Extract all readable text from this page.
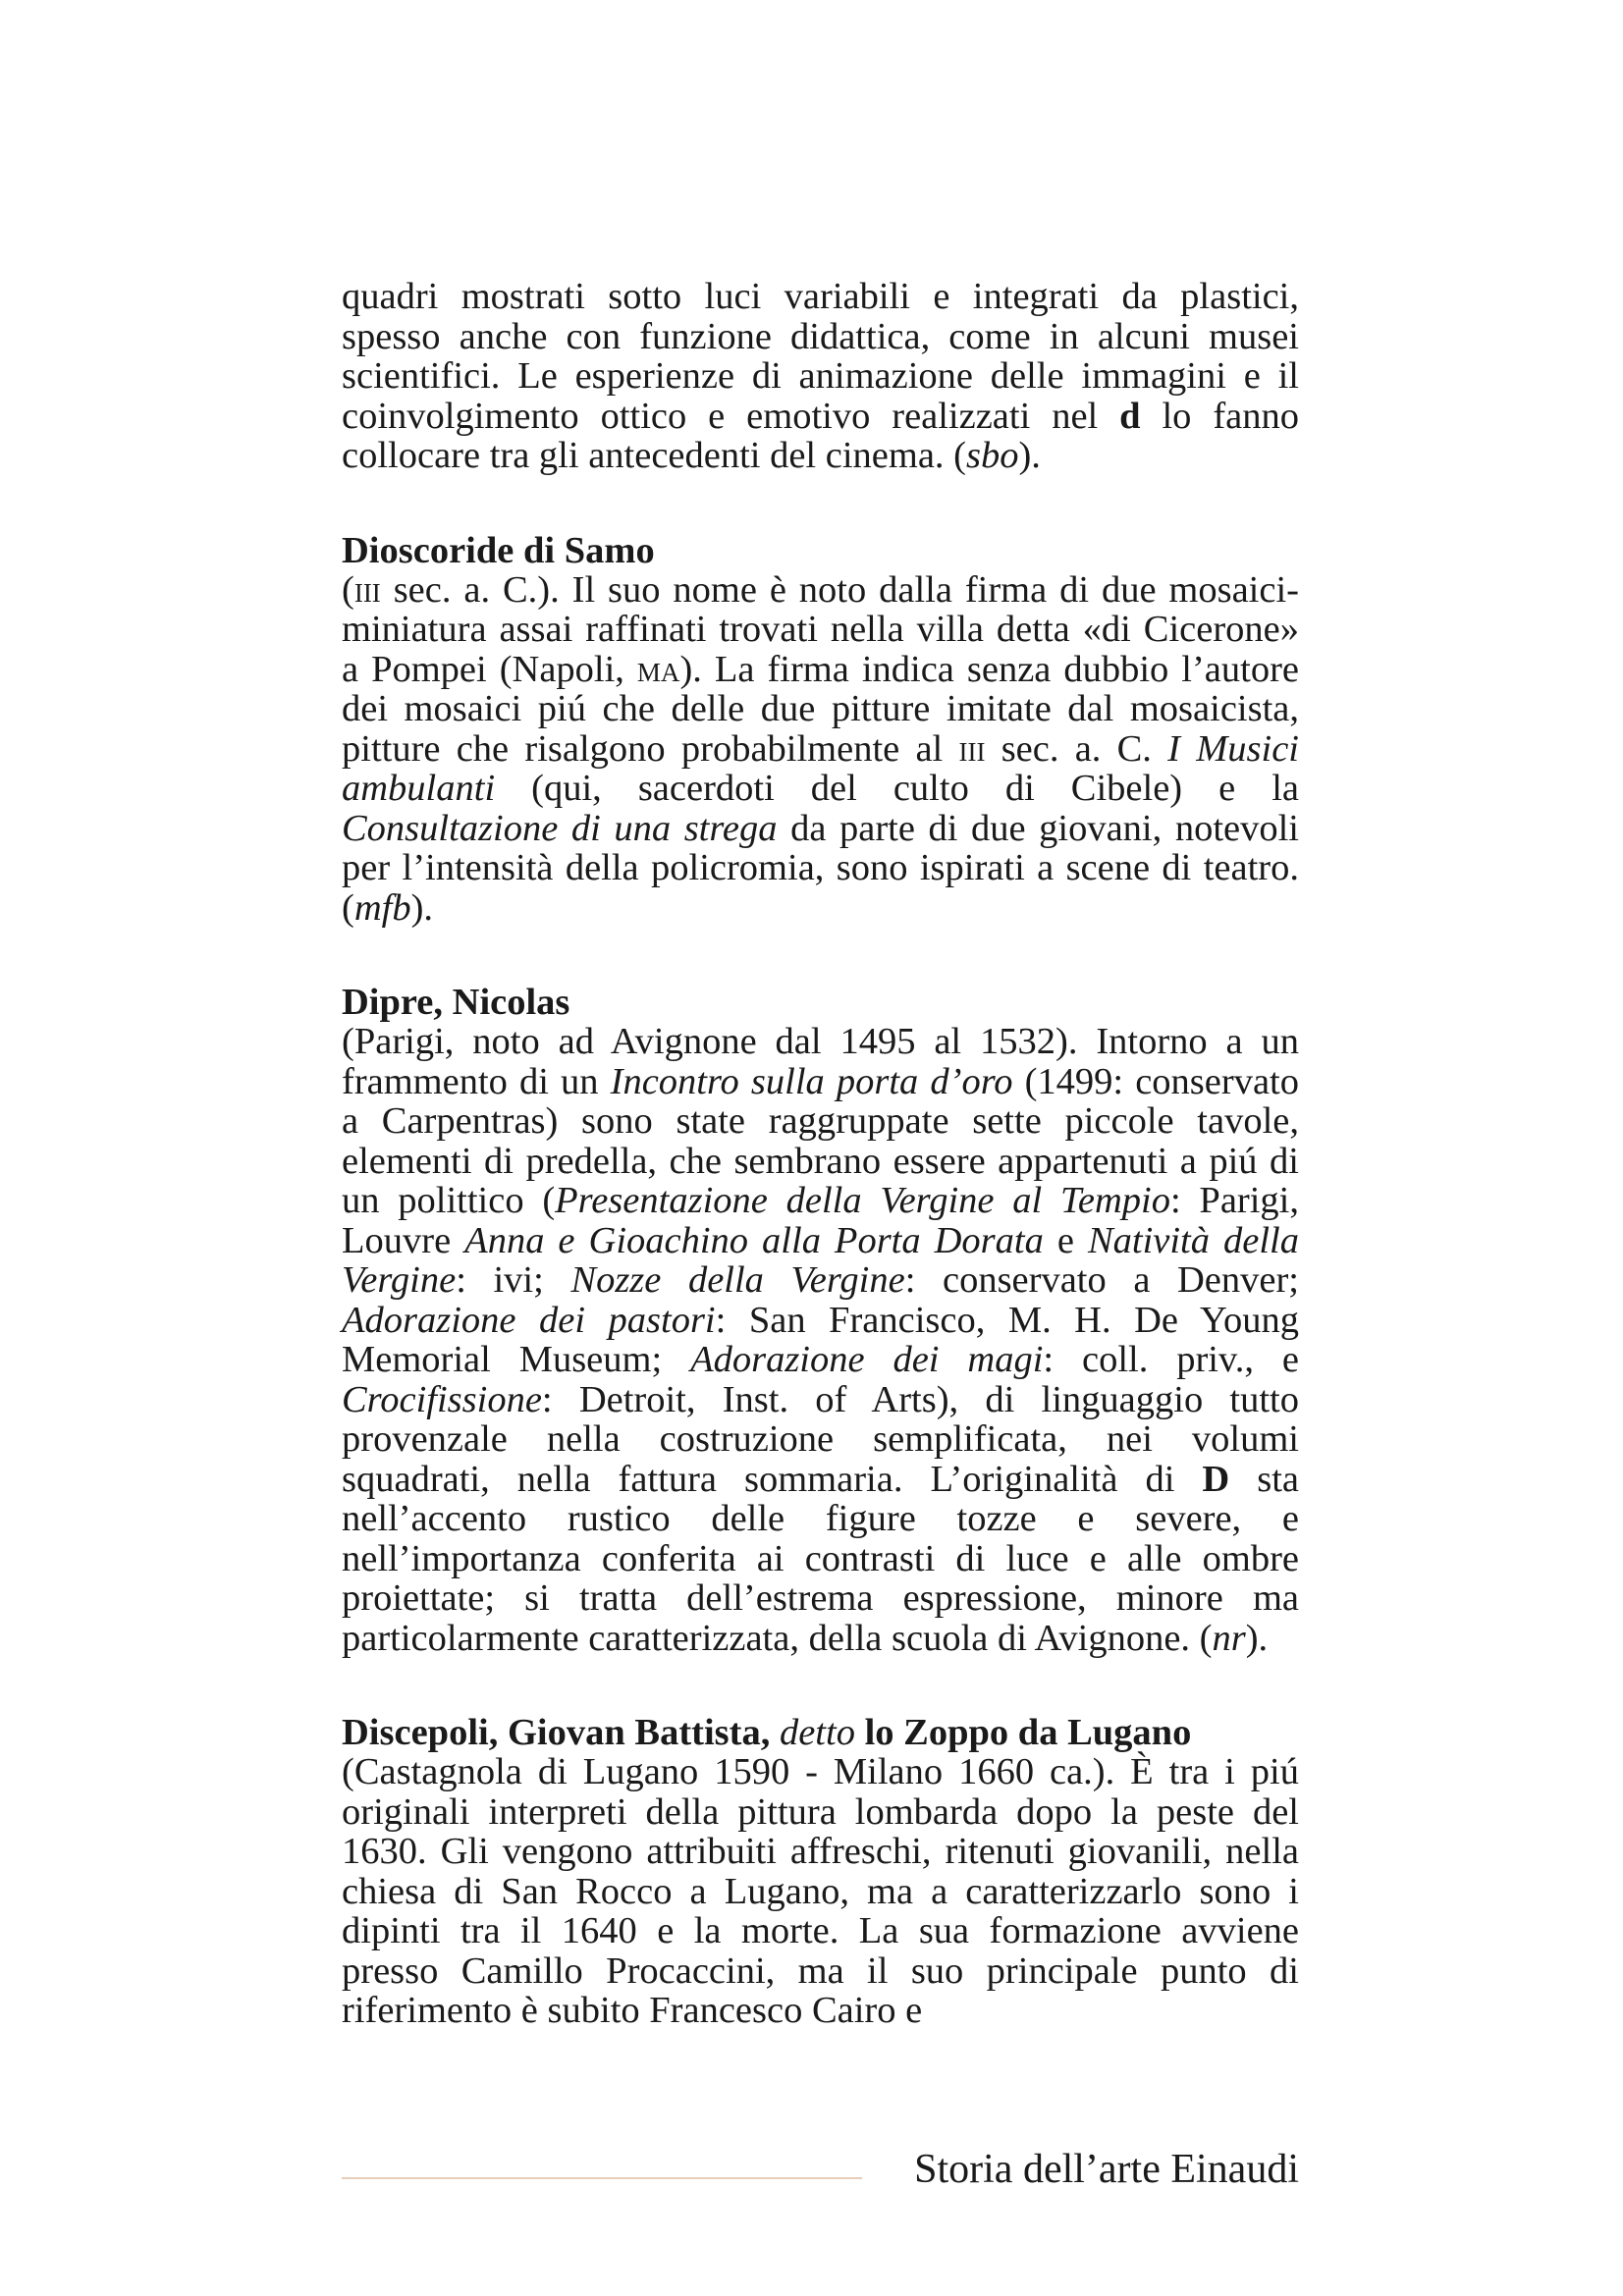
quadri mostrati sotto luci variabili e integrati da plastici, spesso anche con funzione didattica, come in alcuni musei scientifici. Le esperienze di animazione delle immagini e il coinvolgimento ottico e emotivo realizzati nel d lo fanno collocare tra gli antecedenti del cinema. (sbo).

Dioscoride di Samo

(iii sec. a. C.). Il suo nome è noto dalla firma di due mosaici-miniatura assai raffinati trovati nella villa detta «di Cicerone» a Pompei (Napoli, ma). La firma indica senza dubbio l’autore dei mosaici piú che delle due pitture imitate dal mosaicista, pitture che risalgono probabilmente al iii sec. a. C. I Musici ambulanti (qui, sacerdoti del culto di Cibele) e la Consultazione di una strega da parte di due giovani, notevoli per l’intensità della policromia, sono ispirati a scene di teatro. (mfb).

Dipre, Nicolas

(Parigi, noto ad Avignone dal 1495 al 1532). Intorno a un frammento di un Incontro sulla porta d’oro (1499: conservato a Carpentras) sono state raggruppate sette piccole tavole, elementi di predella, che sembrano essere appartenuti a piú di un polittico (Presentazione della Vergine al Tempio: Parigi, Louvre Anna e Gioachino alla Porta Dorata e Natività della Vergine: ivi; Nozze della Vergine: conservato a Denver; Adorazione dei pastori: San Francisco, M. H. De Young Memorial Museum; Adorazione dei magi: coll. priv., e Crocifissione: Detroit, Inst. of Arts), di linguaggio tutto provenzale nella costruzione semplificata, nei volumi squadrati, nella fattura sommaria. L’originalità di D sta nell’accento rustico delle figure tozze e severe, e nell’importanza conferita ai contrasti di luce e alle ombre proiettate; si tratta dell’estrema espressione, minore ma particolarmente caratterizzata, della scuola di Avignone. (nr).

Discepoli, Giovan Battista, detto lo Zoppo da Lugano

(Castagnola di Lugano 1590 - Milano 1660 ca.). È tra i piú originali interpreti della pittura lombarda dopo la peste del 1630. Gli vengono attribuiti affreschi, ritenuti giovanili, nella chiesa di San Rocco a Lugano, ma a caratterizzarlo sono i dipinti tra il 1640 e la morte. La sua formazione avviene presso Camillo Procaccini, ma il suo principale punto di riferimento è subito Francesco Cairo e

Storia dell’arte Einaudi
